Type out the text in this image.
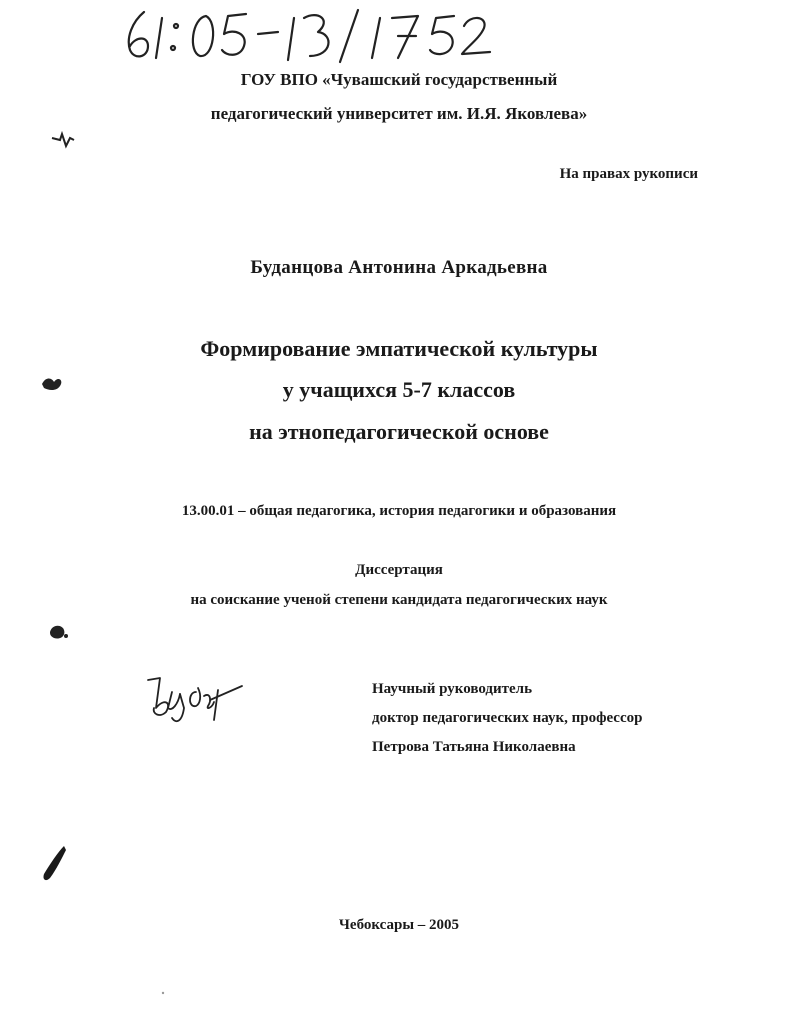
61:05-13/1752
ГОУ ВПО «Чувашский государственный
педагогический университет им. И.Я. Яковлева»
На правах рукописи
Буданцова Антонина Аркадьевна
Формирование эмпатической культуры
у учащихся 5-7 классов
на этнопедагогической основе
13.00.01 – общая педагогика, история педагогики и образования
Диссертация
на соискание ученой степени кандидата педагогических наук
Будаг
Научный руководитель
доктор педагогических наук, профессор
Петрова Татьяна Николаевна
Чебоксары – 2005
